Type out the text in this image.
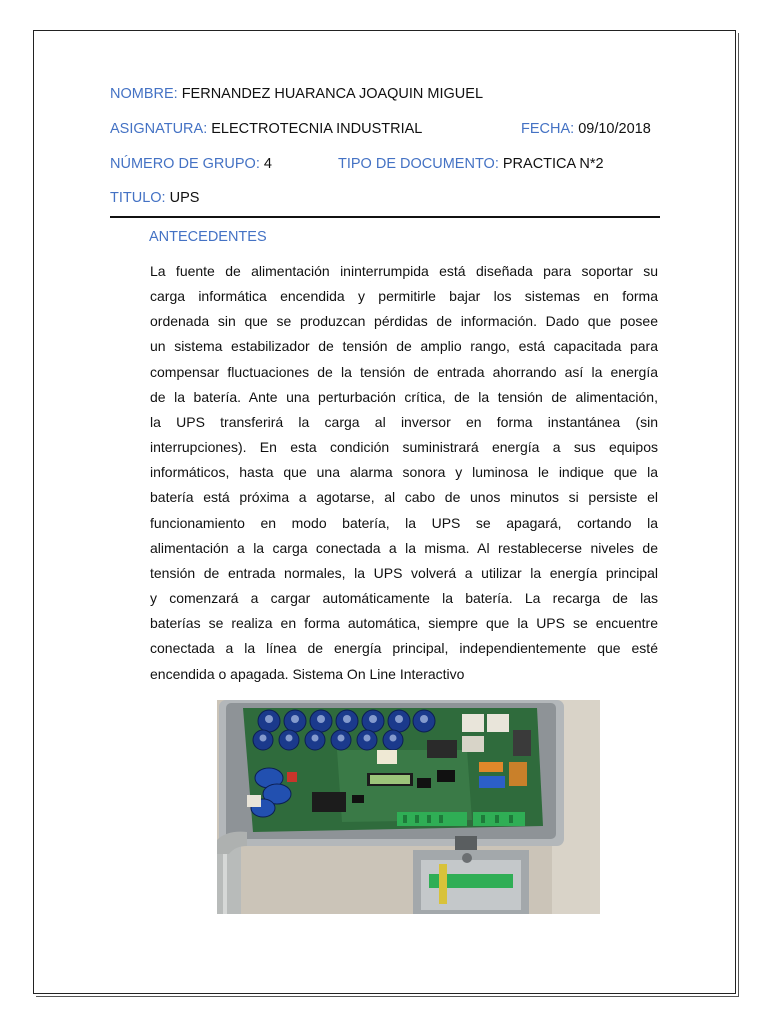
NOMBRE: FERNANDEZ HUARANCA JOAQUIN MIGUEL
ASIGNATURA: ELECTROTECNIA INDUSTRIAL	FECHA: 09/10/2018
NÚMERO DE GRUPO: 4	TIPO DE DOCUMENTO: PRACTICA N*2
TITULO: UPS
ANTECEDENTES
La fuente de alimentación ininterrumpida está diseñada para soportar su
carga informática encendida y permitirle bajar los sistemas en forma
ordenada sin que se produzcan pérdidas de información. Dado que posee
un sistema estabilizador de tensión de amplio rango, está capacitada para
compensar fluctuaciones de la tensión de entrada ahorrando así la energía
de la batería. Ante una perturbación crítica, de la tensión de alimentación,
la UPS transferirá la carga al inversor en forma instantánea (sin
interrupciones). En esta condición suministrará energía a sus equipos
informáticos, hasta que una alarma sonora y luminosa le indique que la
batería está próxima a agotarse, al cabo de unos minutos si persiste el
funcionamiento en modo batería, la UPS se apagará, cortando la
alimentación a la carga conectada a la misma. Al restablecerse niveles de
tensión de entrada normales, la UPS volverá a utilizar la energía principal
y comenzará a cargar automáticamente la batería. La recarga de las
baterías se realiza en forma automática, siempre que la UPS se encuentre
conectada a la línea de energía principal, independientemente que esté
encendida o apagada. Sistema On Line Interactivo
